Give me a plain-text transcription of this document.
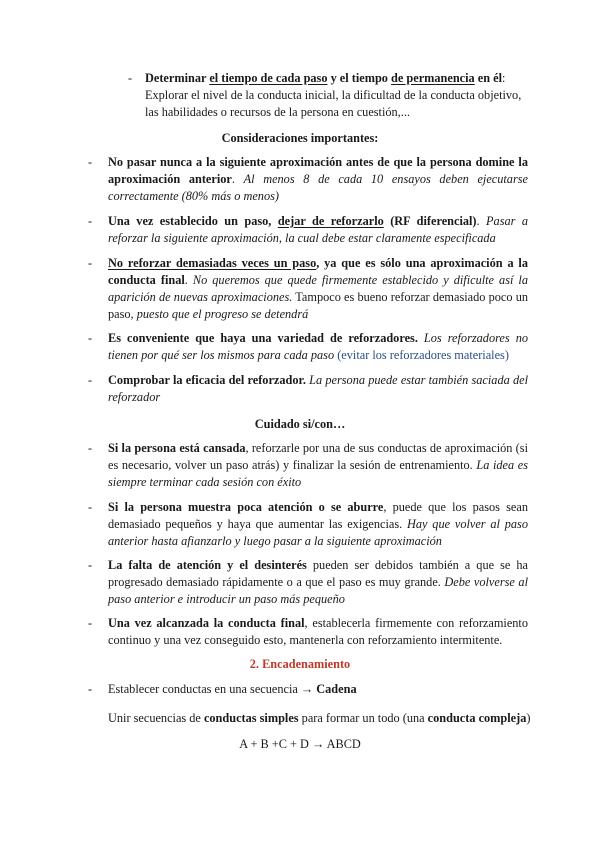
- Determinar el tiempo de cada paso y el tiempo de permanencia en él: Explorar el nivel de la conducta inicial, la dificultad de la conducta objetivo, las habilidades o recursos de la persona en cuestión,...
Consideraciones importantes:
- No pasar nunca a la siguiente aproximación antes de que la persona domine la aproximación anterior. Al menos 8 de cada 10 ensayos deben ejecutarse correctamente (80% más o menos)
- Una vez establecido un paso, dejar de reforzarlo (RF diferencial). Pasar a reforzar la siguiente aproximación, la cual debe estar claramente especificada
- No reforzar demasiadas veces un paso, ya que es sólo una aproximación a la conducta final. No queremos que quede firmemente establecido y dificulte así la aparición de nuevas aproximaciones. Tampoco es bueno reforzar demasiado poco un paso, puesto que el progreso se detendrá
- Es conveniente que haya una variedad de reforzadores. Los reforzadores no tienen por qué ser los mismos para cada paso (evitar los reforzadores materiales)
- Comprobar la eficacia del reforzador. La persona puede estar también saciada del reforzador
Cuidado si/con…
- Si la persona está cansada, reforzarle por una de sus conductas de aproximación (si es necesario, volver un paso atrás) y finalizar la sesión de entrenamiento. La idea es siempre terminar cada sesión con éxito
- Si la persona muestra poca atención o se aburre, puede que los pasos sean demasiado pequeños y haya que aumentar las exigencias. Hay que volver al paso anterior hasta afianzarlo y luego pasar a la siguiente aproximación
- La falta de atención y el desinterés pueden ser debidos también a que se ha progresado demasiado rápidamente o a que el paso es muy grande. Debe volverse al paso anterior e introducir un paso más pequeño
- Una vez alcanzada la conducta final, establecerla firmemente con reforzamiento continuo y una vez conseguido esto, mantenerla con reforzamiento intermitente.
2. Encadenamiento
- Establecer conductas en una secuencia → Cadena
Unir secuencias de conductas simples para formar un todo (una conducta compleja)
A + B +C + D → ABCD
